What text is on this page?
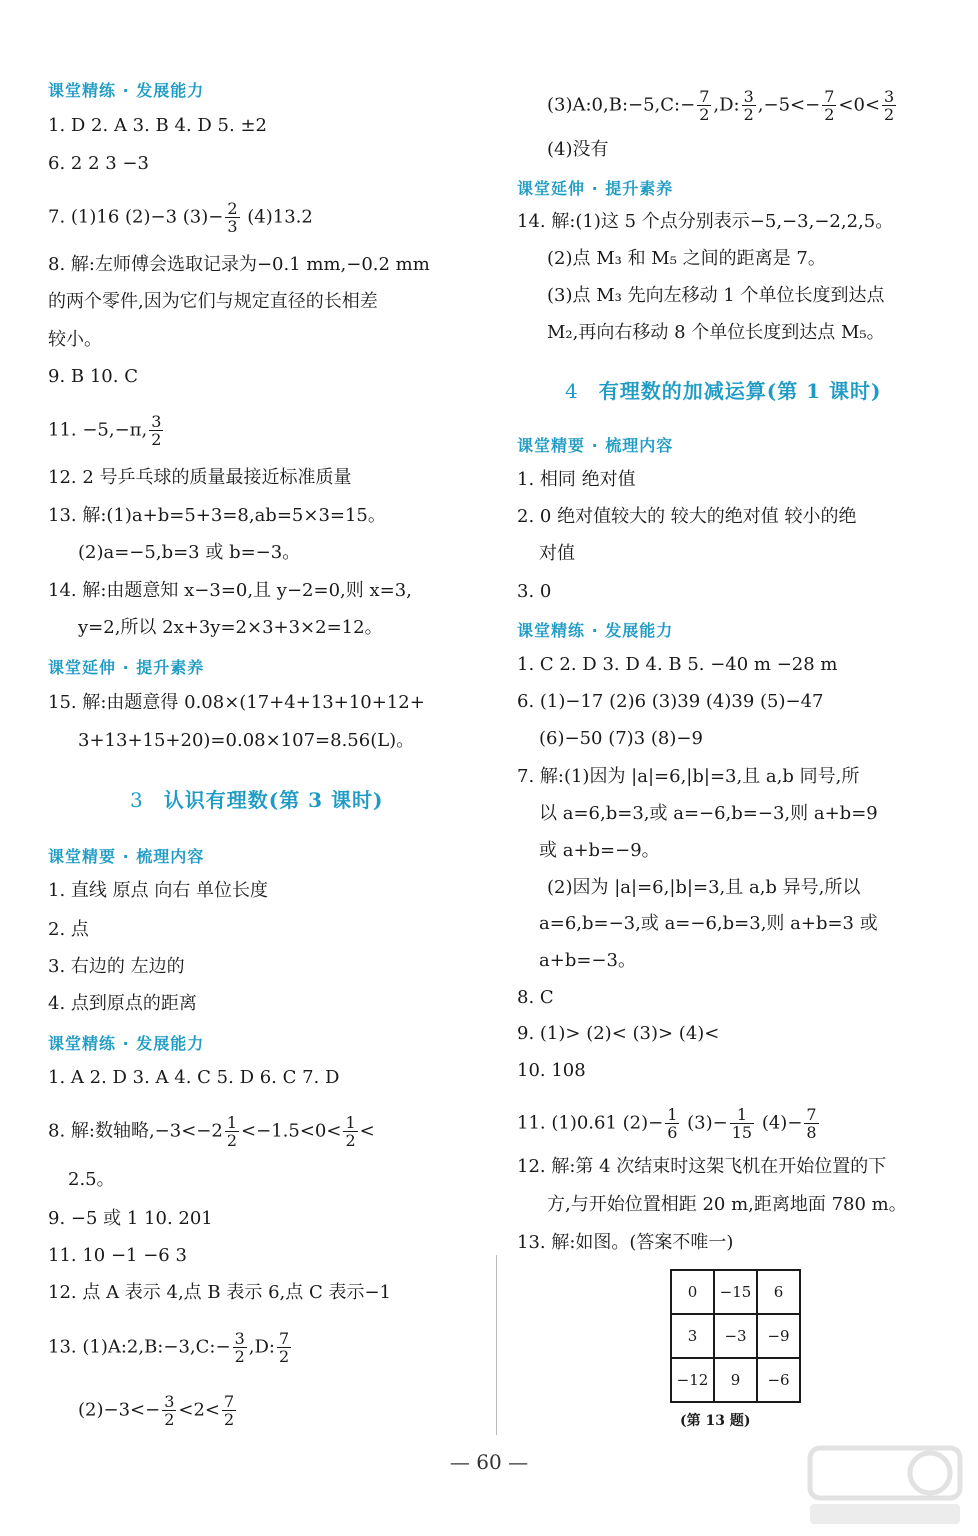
课堂精练 · 发展能力
1. D 2. A 3. B 4. D 5. ±2
6. 2 2 3 −3
7. (1)16 (2)−3 $(3)- \frac{2}{3} (4)13.2$
8. 解:左师傅会选取记录为−0.1 mm,−0.2 mm
的两个零件,因为它们与规定直径的长相差
较小。
9. B 10. C
11. −5,−π, $\frac{3}{2}$
12. 2 号乒乓球的质量最接近标准质量
13. 解:(1)a+b=5+3=8,ab=5×3=15。
(2)a=−5,b=3 或 b=−3。
14. 解:由题意知 x−3=0,且 y−2=0,则 x=3,
y=2,所以 2x+3y=2×3+3×2=12。
课堂延伸 · 提升素养
15. 解:由题意得 0.08×(17+4+13+10+12+
3+13+15+20)=0.08×107=8.56(L)。
3 认识有理数(第 3 课时)
课堂精要 · 梳理内容
1. 直线 原点 向右 单位长度
2. 点
3. 右边的 左边的
4. 点到原点的距离
课堂精练 · 发展能力
1. A 2. D 3. A 4. C 5. D 6. C 7. D
8. 解:数轴略$,-3<-2 \frac{1}{2} <-1.5<0< \frac{1}{2}$ <
2.5。
9. −5 或 1 10. 201
11. 10 −1 −6 3
12. 点 A 表示 4,点 B 表示 6,点 C 表示−1
13. (1)A:2,B:−3,C:− $\frac{3}{2} ,D$: $\frac{7}{2}$
$(2)-3<- \frac{3}{2} <2< \frac{7}{2}$
(3)A:0,B:−5,C:− $\frac{7}{2} ,D$: $\frac{3}{2} ,-5<- \frac{7}{2} <0< \frac{3}{2}$
(4)没有
课堂延伸 · 提升素养
14. 解:(1)这 5 个点分别表示−5,−3,−2,2,5。
(2)点 M₃ 和 M₅ 之间的距离是 7。
(3)点 M₃ 先向左移动 1 个单位长度到达点
M₂,再向右移动 8 个单位长度到达点 M₅。
4 有理数的加减运算(第 1 课时)
课堂精要 · 梳理内容
1. 相同 绝对值
2. 0 绝对值较大的 较大的绝对值 较小的绝
对值
3. 0
课堂精练 · 发展能力
1. C 2. D 3. D 4. B 5. −40 m −28 m
6. (1)−17 (2)6 (3)39 (4)39 (5)−47
(6)−50 (7)3 (8)−9
7. 解:(1)因为 |a|=6,|b|=3,且 a,b 同号,所
以 a=6,b=3,或 a=−6,b=−3,则 a+b=9
或 a+b=−9。
(2)因为 |a|=6,|b|=3,且 a,b 异号,所以
a=6,b=−3,或 a=−6,b=3,则 a+b=3 或
a+b=−3。
8. C
9. (1)> (2)< (3)> (4)<
10. 108
11. (1)0.61 $(2)- \frac{1}{6} (3)- \frac{1}{15} (4)- \frac{7}{8}$
12. 解:第 4 次结束时这架飞机在开始位置的下
方,与开始位置相距 20 m,距离地面 780 m。
13. 解:如图。(答案不唯一)
0	−15	6
3	−3	−9
−12	9	−6
(第 13 题)
— 60 —
